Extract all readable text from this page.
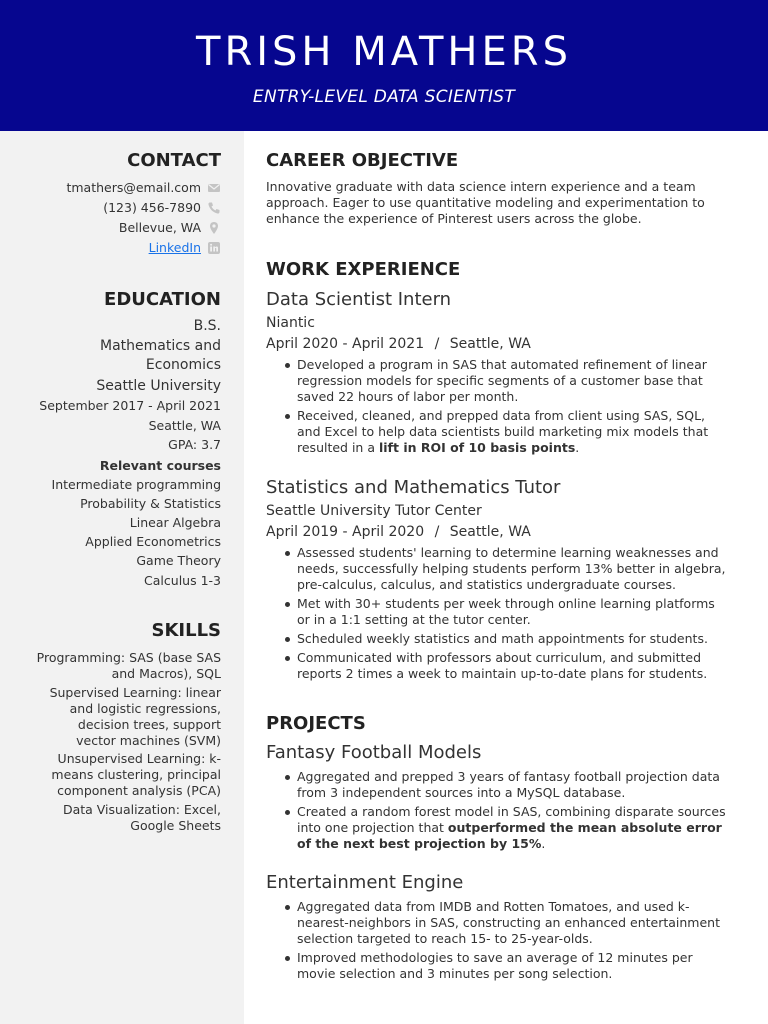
TRISH MATHERS
ENTRY-LEVEL DATA SCIENTIST
CONTACT
tmathers@email.com
(123) 456-7890
Bellevue, WA
LinkedIn
EDUCATION
B.S.
Mathematics and
Economics
Seattle University
September 2017 - April 2021
Seattle, WA
GPA: 3.7
Relevant courses
Intermediate programming
Probability & Statistics
Linear Algebra
Applied Econometrics
Game Theory
Calculus 1-3
SKILLS
Programming: SAS (base SAS and Macros), SQL
Supervised Learning: linear and logistic regressions, decision trees, support vector machines (SVM)
Unsupervised Learning: k-means clustering, principal component analysis (PCA)
Data Visualization: Excel, Google Sheets
CAREER OBJECTIVE
Innovative graduate with data science intern experience and a team approach. Eager to use quantitative modeling and experimentation to enhance the experience of Pinterest users across the globe.
WORK EXPERIENCE
Data Scientist Intern
Niantic
April 2020 - April 2021 / Seattle, WA
Developed a program in SAS that automated refinement of linear regression models for specific segments of a customer base that saved 22 hours of labor per month.
Received, cleaned, and prepped data from client using SAS, SQL, and Excel to help data scientists build marketing mix models that resulted in a lift in ROI of 10 basis points.
Statistics and Mathematics Tutor
Seattle University Tutor Center
April 2019 - April 2020 / Seattle, WA
Assessed students' learning to determine learning weaknesses and needs, successfully helping students perform 13% better in algebra, pre-calculus, calculus, and statistics undergraduate courses.
Met with 30+ students per week through online learning platforms or in a 1:1 setting at the tutor center.
Scheduled weekly statistics and math appointments for students.
Communicated with professors about curriculum, and submitted reports 2 times a week to maintain up-to-date plans for students.
PROJECTS
Fantasy Football Models
Aggregated and prepped 3 years of fantasy football projection data from 3 independent sources into a MySQL database.
Created a random forest model in SAS, combining disparate sources into one projection that outperformed the mean absolute error of the next best projection by 15%.
Entertainment Engine
Aggregated data from IMDB and Rotten Tomatoes, and used k-nearest-neighbors in SAS, constructing an enhanced entertainment selection targeted to reach 15- to 25-year-olds.
Improved methodologies to save an average of 12 minutes per movie selection and 3 minutes per song selection.
